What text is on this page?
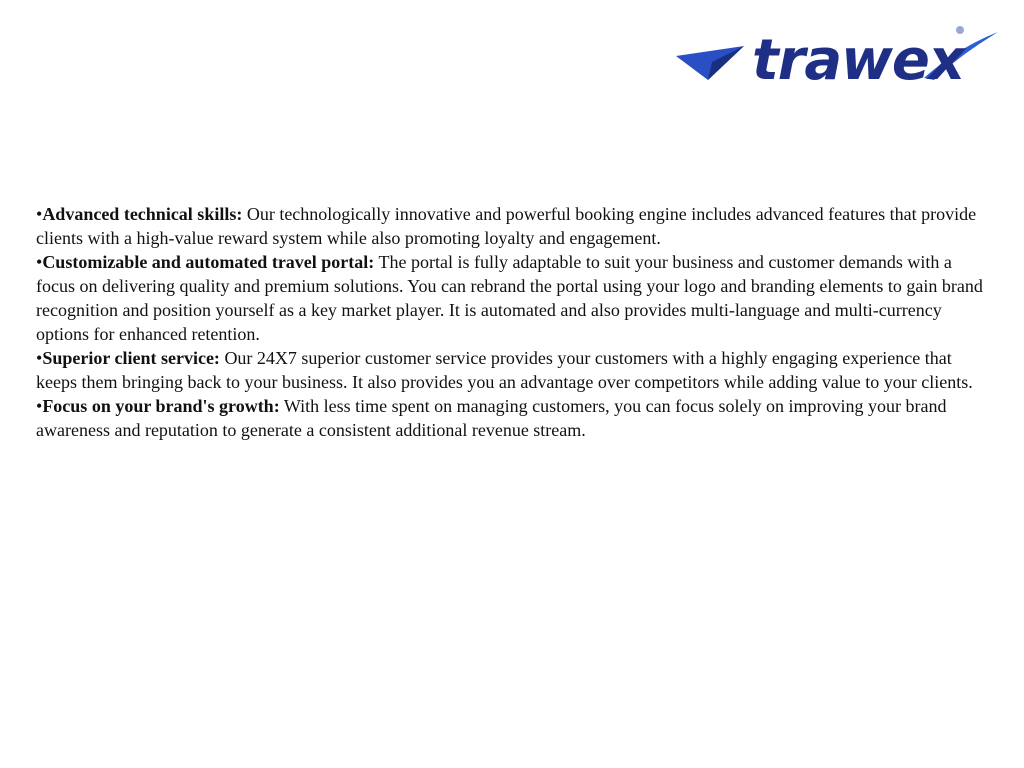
trawex

•Advanced technical skills: Our technologically innovative and powerful booking engine includes advanced features that provide clients with a high-value reward system while also promoting loyalty and engagement.

•Customizable and automated travel portal: The portal is fully adaptable to suit your business and customer demands with a focus on delivering quality and premium solutions. You can rebrand the portal using your logo and branding elements to gain brand recognition and position yourself as a key market player. It is automated and also provides multi-language and multi-currency options for enhanced retention.

•Superior client service: Our 24X7 superior customer service provides your customers with a highly engaging experience that keeps them bringing back to your business. It also provides you an advantage over competitors while adding value to your clients.

•Focus on your brand's growth: With less time spent on managing customers, you can focus solely on improving your brand awareness and reputation to generate a consistent additional revenue stream.
